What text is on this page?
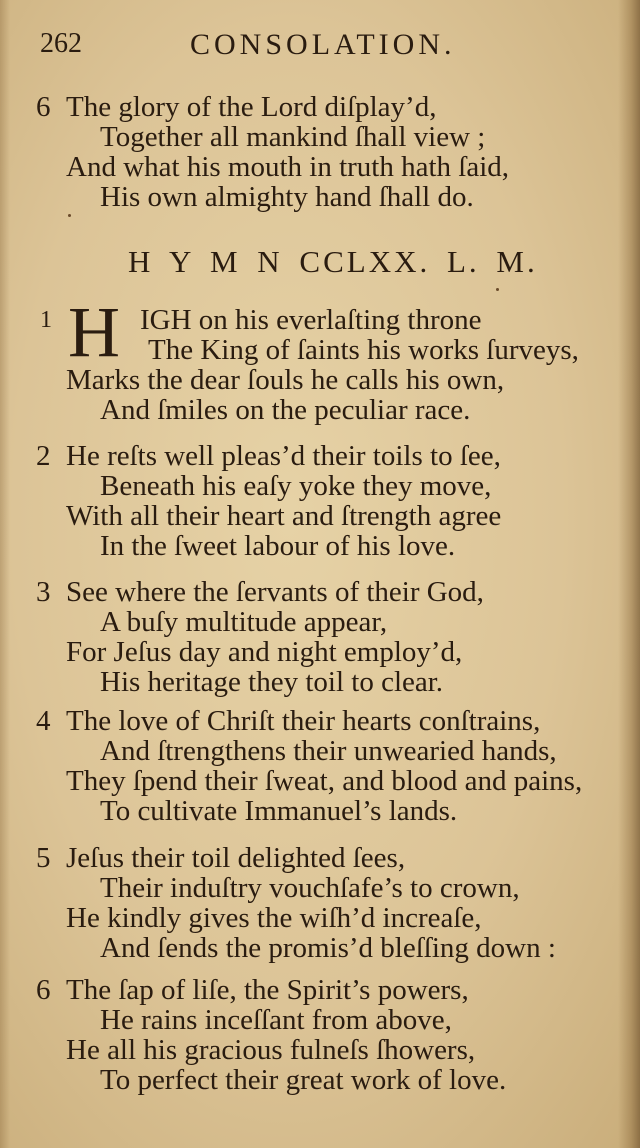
262	CONSOLATION.
6 The glory of the Lord diſplay’d,
Together all mankind ſhall view ;
And what his mouth in truth hath ſaid,
His own almighty hand ſhall do.
H Y M N CCLXX. L. M.
1 H IGH on his everlaſting throne
The King of ſaints his works ſurveys,
Marks the dear ſouls he calls his own,
And ſmiles on the peculiar race.
2 He reſts well pleas’d their toils to ſee,
Beneath his eaſy yoke they move,
With all their heart and ſtrength agree
In the ſweet labour of his love.
3 See where the ſervants of their God,
A buſy multitude appear,
For Jeſus day and night employ’d,
His heritage they toil to clear.
4 The love of Chriſt their hearts conſtrains,
And ſtrengthens their unwearied hands,
They ſpend their ſweat, and blood and pains,
To cultivate Immanuel’s lands.
5 Jeſus their toil delighted ſees,
Their induſtry vouchſafe’s to crown,
He kindly gives the wiſh’d increaſe,
And ſends the promis’d bleſſing down :
6 The ſap of liſe, the Spirit’s powers,
He rains inceſſant from above,
He all his gracious fulneſs ſhowers,
To perfect their great work of love.
